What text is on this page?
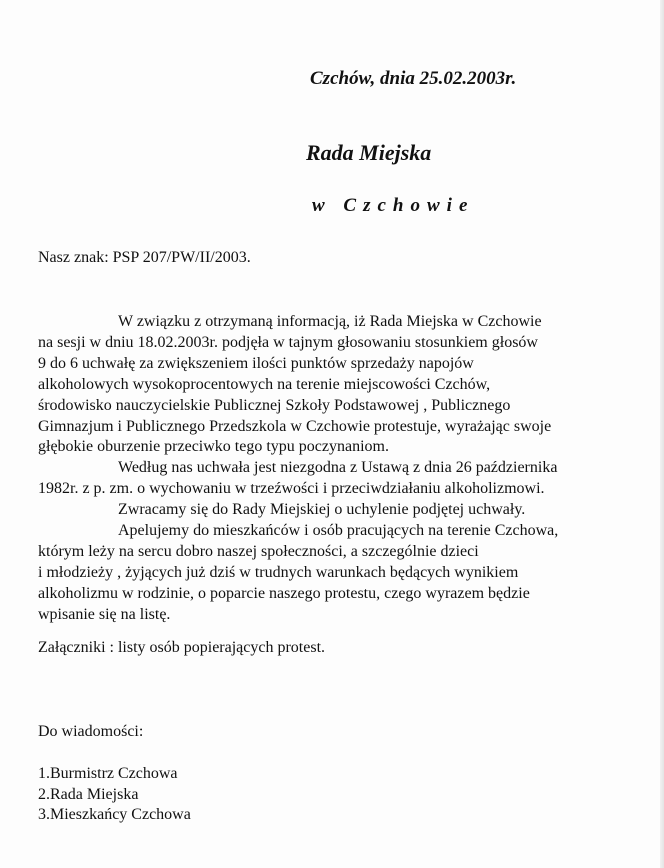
Czchów, dnia 25.02.2003r.
Rada Miejska
w Czchowie
Nasz znak: PSP 207/PW/II/2003.
W związku z otrzymaną informacją, iż Rada Miejska w Czchowie
na sesji w dniu 18.02.2003r. podjęła w tajnym głosowaniu stosunkiem głosów
9 do 6 uchwałę za zwiększeniem ilości punktów sprzedaży napojów
alkoholowych wysokoprocentowych na terenie miejscowości Czchów,
środowisko nauczycielskie Publicznej Szkoły Podstawowej , Publicznego
Gimnazjum i Publicznego Przedszkola w Czchowie protestuje, wyrażając swoje
głębokie oburzenie przeciwko tego typu poczynaniom.
Według nas uchwała jest niezgodna z Ustawą z dnia 26 października
1982r. z p. zm. o wychowaniu w trzeźwości i przeciwdziałaniu alkoholizmowi.
Zwracamy się do Rady Miejskiej o uchylenie podjętej uchwały.
Apelujemy do mieszkańców i osób pracujących na terenie Czchowa,
którym leży na sercu dobro naszej społeczności, a szczególnie dzieci
i młodzieży , żyjących już dziś w trudnych warunkach będących wynikiem
alkoholizmu w rodzinie, o poparcie naszego protestu, czego wyrazem będzie
wpisanie się na listę.
Załączniki : listy osób popierających protest.
Do wiadomości:
1.Burmistrz Czchowa
2.Rada Miejska
3.Mieszkańcy Czchowa
